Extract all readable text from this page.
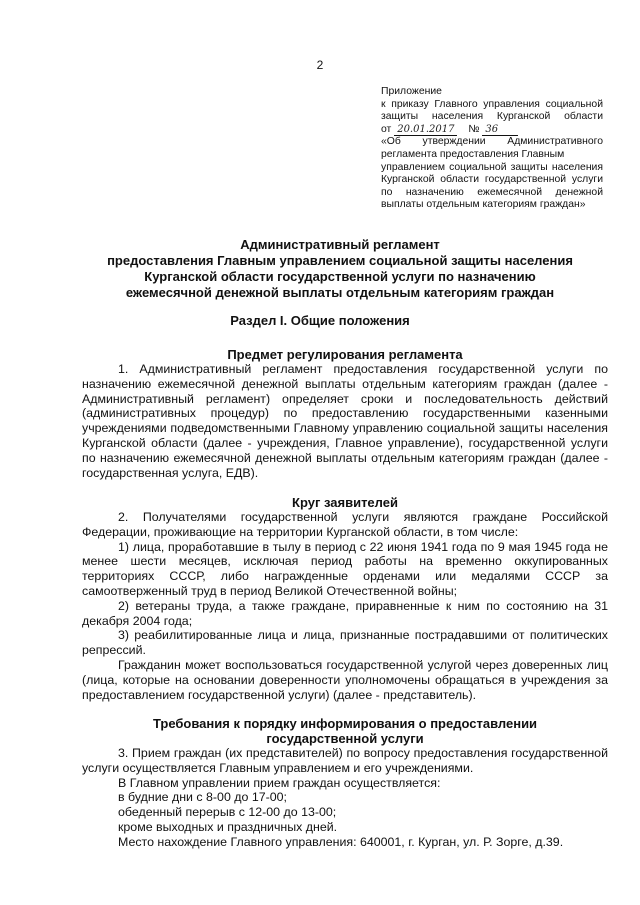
2
Приложение
к приказу Главного управления социальной
защиты населения Курганской области
от 20.01.2017 № 36
«Об утверждении Административного
регламента предоставления Главным
управлением социальной защиты населения
Курганской области государственной услуги
по назначению ежемесячной денежной
выплаты отдельным категориям граждан»
Административный регламент
предоставления Главным управлением социальной защиты населения
Курганской области государственной услуги по назначению
ежемесячной денежной выплаты отдельным категориям граждан
Раздел I. Общие положения
Предмет регулирования регламента

1. Административный регламент предоставления государственной услуги по назначению ежемесячной денежной выплаты отдельным категориям граждан (далее - Административный регламент) определяет сроки и последовательность действий (административных процедур) по предоставлению государственными казенными учреждениями подведомственными Главному управлению социальной защиты населения Курганской области (далее - учреждения, Главное управление), государственной услуги по назначению ежемесячной денежной выплаты отдельным категориям граждан (далее - государственная услуга, ЕДВ).

Круг заявителей

2. Получателями государственной услуги являются граждане Российской Федерации, проживающие на территории Курганской области, в том числе:

1) лица, проработавшие в тылу в период с 22 июня 1941 года по 9 мая 1945 года не менее шести месяцев, исключая период работы на временно оккупированных территориях СССР, либо награжденные орденами или медалями СССР за самоотверженный труд в период Великой Отечественной войны;

2) ветераны труда, а также граждане, приравненные к ним по состоянию на 31 декабря 2004 года;

3) реабилитированные лица и лица, признанные пострадавшими от политических репрессий.

Гражданин может воспользоваться государственной услугой через доверенных лиц (лица, которые на основании доверенности уполномочены обращаться в учреждения за предоставлением государственной услуги) (далее - представитель).

Требования к порядку информирования о предоставлении
государственной услуги

3. Прием граждан (их представителей) по вопросу предоставления государственной услуги осуществляется Главным управлением и его учреждениями.

В Главном управлении прием граждан осуществляется:

в будние дни с 8-00 до 17-00;

обеденный перерыв с 12-00 до 13-00;

кроме выходных и праздничных дней.

Место нахождение Главного управления: 640001, г. Курган, ул. Р. Зорге, д.39.
